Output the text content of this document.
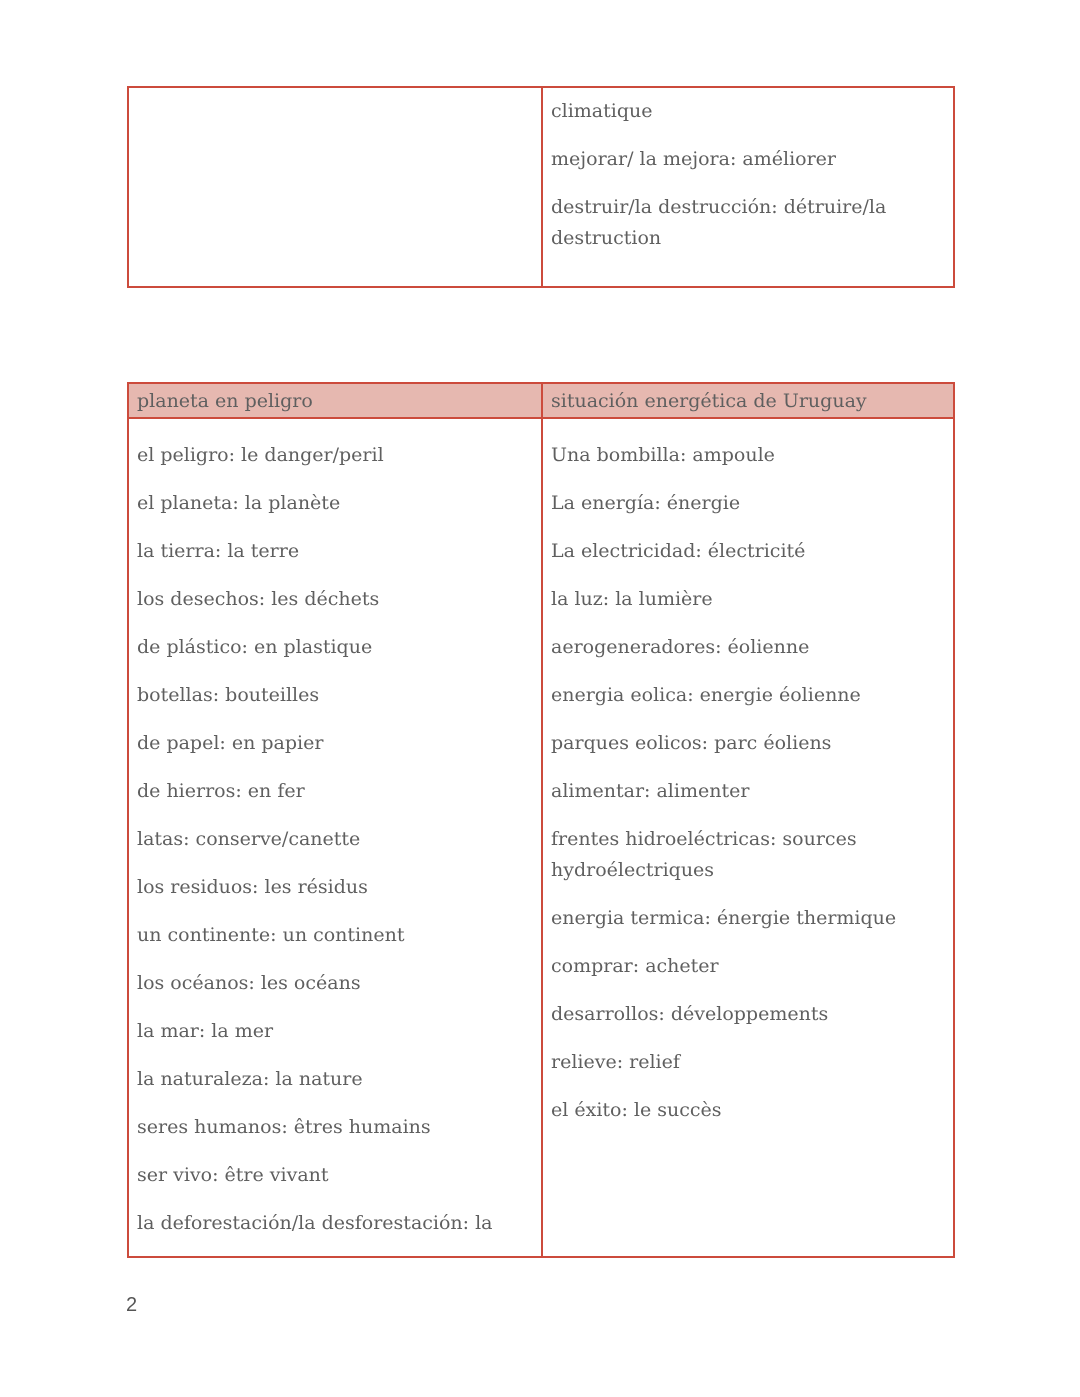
climatique

mejorar/ la mejora: améliorer

destruir/la destrucción: détruire/la destruction

planeta en peligro	situación energética de Uruguay

el peligro: le danger/peril

el planeta: la planète

la tierra: la terre

los desechos: les déchets

de plástico: en plastique

botellas: bouteilles

de papel: en papier

de hierros: en fer

latas: conserve/canette

los residuos: les résidus

un continente: un continent

los océanos: les océans

la mar: la mer

la naturaleza: la nature

seres humanos: êtres humains

ser vivo: être vivant

la deforestación/la desforestación: la

Una bombilla: ampoule

La energía: énergie

La electricidad: électricité

la luz: la lumière

aerogeneradores: éolienne

energia eolica: energie éolienne

parques eolicos: parc éoliens

alimentar: alimenter

frentes hidroeléctricas: sources hydroélectriques

energia termica: énergie thermique

comprar: acheter

desarrollos: développements

relieve: relief

el éxito: le succès

2
